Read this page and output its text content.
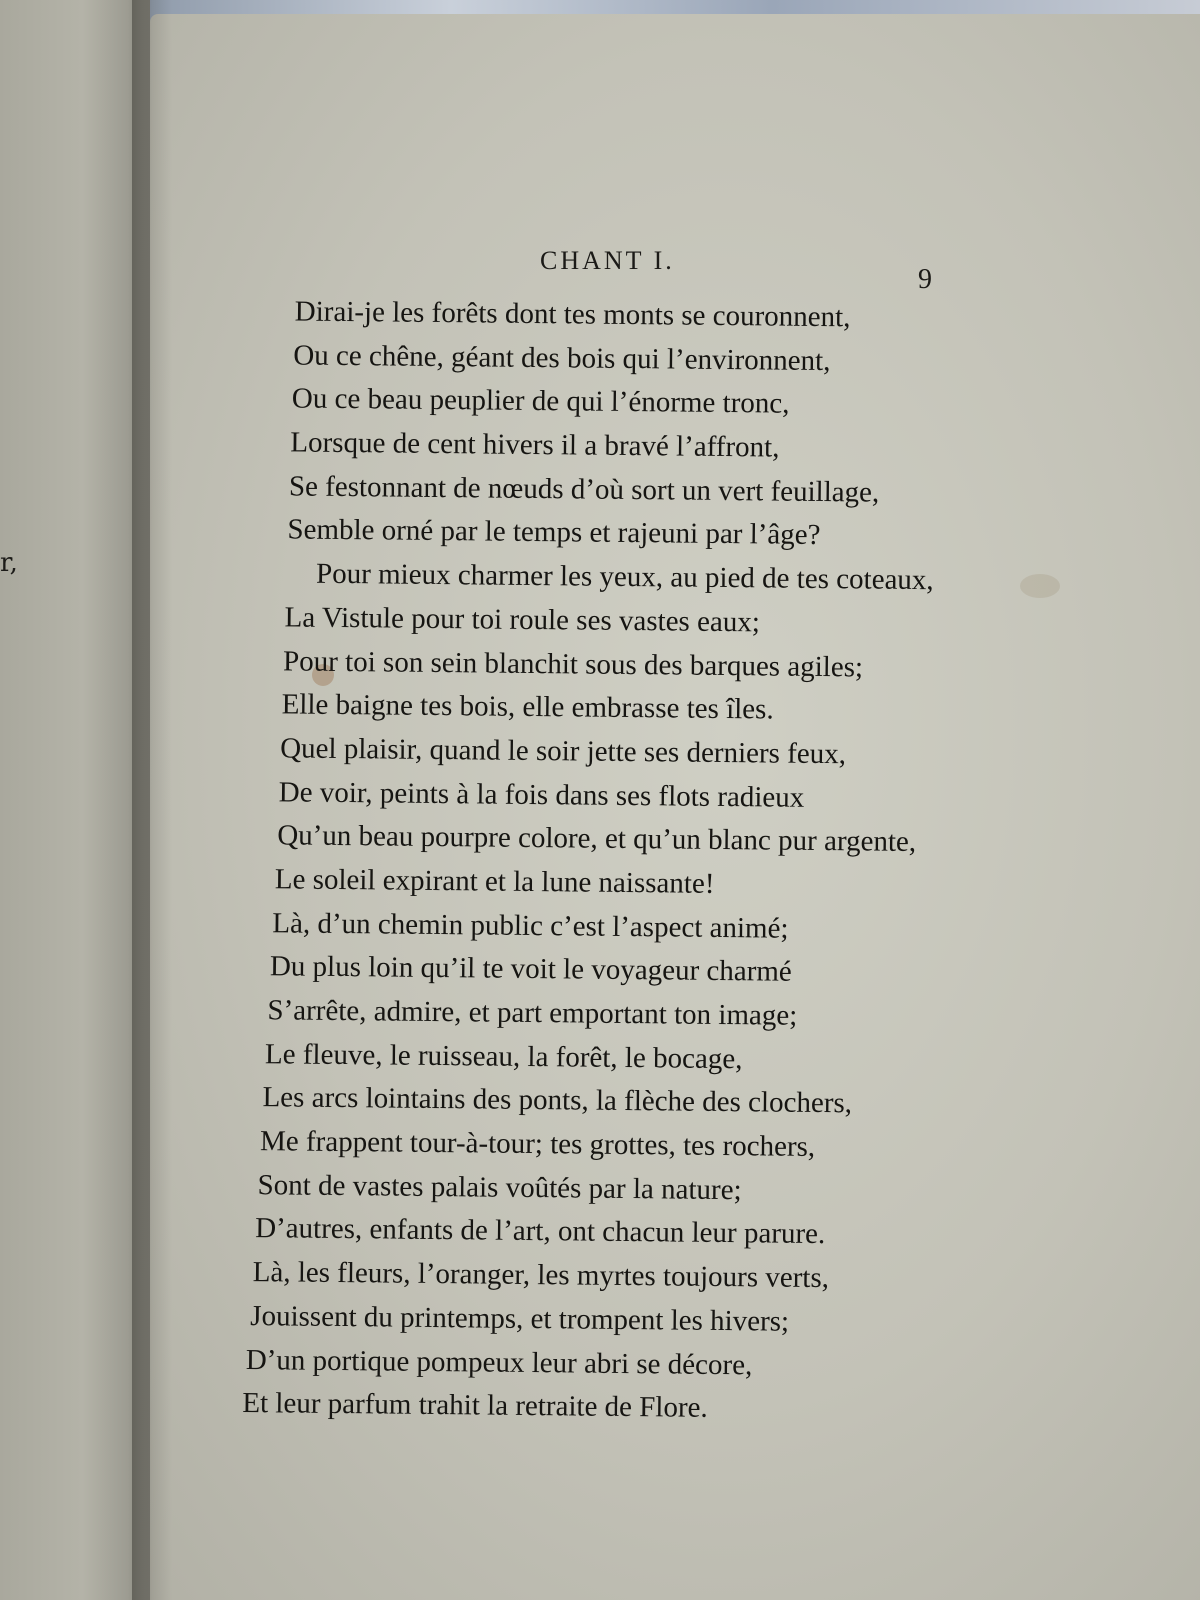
r,
CHANT I.
9
Dirai-je les forêts dont tes monts se couronnent,
Ou ce chêne, géant des bois qui l’environnent,
Ou ce beau peuplier de qui l’énorme tronc,
Lorsque de cent hivers il a bravé l’affront,
Se festonnant de nœuds d’où sort un vert feuillage,
Semble orné par le temps et rajeuni par l’âge?
Pour mieux charmer les yeux, au pied de tes coteaux,
La Vistule pour toi roule ses vastes eaux;
Pour toi son sein blanchit sous des barques agiles;
Elle baigne tes bois, elle embrasse tes îles.
Quel plaisir, quand le soir jette ses derniers feux,
De voir, peints à la fois dans ses flots radieux
Qu’un beau pourpre colore, et qu’un blanc pur argente,
Le soleil expirant et la lune naissante!
Là, d’un chemin public c’est l’aspect animé;
Du plus loin qu’il te voit le voyageur charmé
S’arrête, admire, et part emportant ton image;
Le fleuve, le ruisseau, la forêt, le bocage,
Les arcs lointains des ponts, la flèche des clochers,
Me frappent tour-à-tour; tes grottes, tes rochers,
Sont de vastes palais voûtés par la nature;
D’autres, enfants de l’art, ont chacun leur parure.
Là, les fleurs, l’oranger, les myrtes toujours verts,
Jouissent du printemps, et trompent les hivers;
D’un portique pompeux leur abri se décore,
Et leur parfum trahit la retraite de Flore.
